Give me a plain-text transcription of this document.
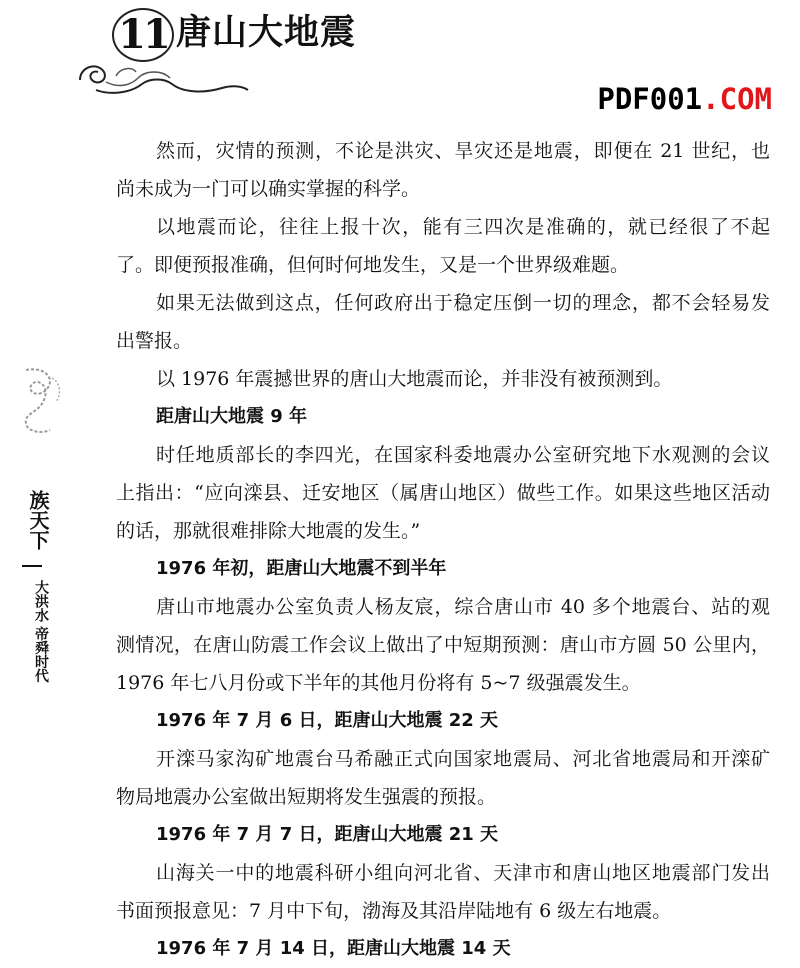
11 唐山大地震
PDF001.COM
族天下
大洪水 帝舜时代
然而，灾情的预测，不论是洪灾、旱灾还是地震，即便在 21 世纪，也
尚未成为一门可以确实掌握的科学。
以地震而论，往往上报十次，能有三四次是准确的，就已经很了不起
了。即便预报准确，但何时何地发生，又是一个世界级难题。
如果无法做到这点，任何政府出于稳定压倒一切的理念，都不会轻易发
出警报。
以 1976 年震撼世界的唐山大地震而论，并非没有被预测到。
距唐山大地震 9 年
时任地质部长的李四光，在国家科委地震办公室研究地下水观测的会议
上指出：“应向滦县、迁安地区（属唐山地区）做些工作。如果这些地区活动
的话，那就很难排除大地震的发生。”
1976 年初，距唐山大地震不到半年
唐山市地震办公室负责人杨友宸，综合唐山市 40 多个地震台、站的观
测情况，在唐山防震工作会议上做出了中短期预测：唐山市方圆 50 公里内，
1976 年七八月份或下半年的其他月份将有 5~7 级强震发生。
1976 年 7 月 6 日，距唐山大地震 22 天
开滦马家沟矿地震台马希融正式向国家地震局、河北省地震局和开滦矿
物局地震办公室做出短期将发生强震的预报。
1976 年 7 月 7 日，距唐山大地震 21 天
山海关一中的地震科研小组向河北省、天津市和唐山地区地震部门发出
书面预报意见：7 月中下旬，渤海及其沿岸陆地有 6 级左右地震。
1976 年 7 月 14 日，距唐山大地震 14 天
